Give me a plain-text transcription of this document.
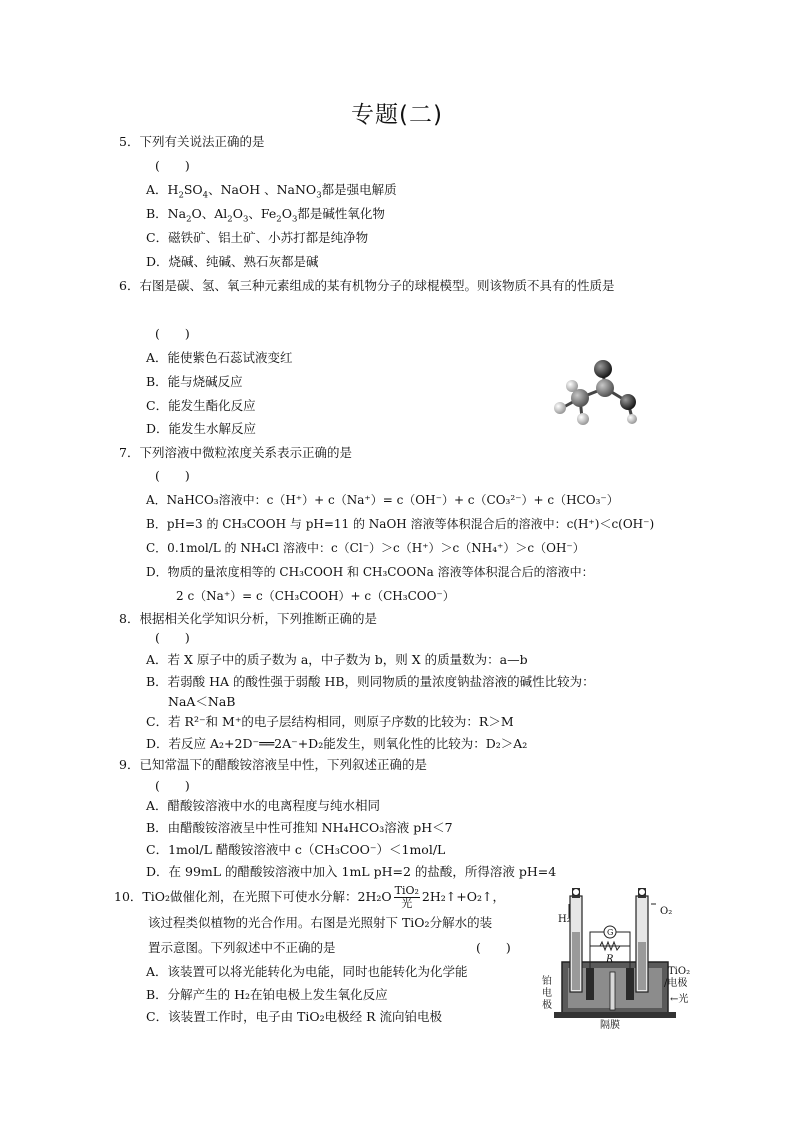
专题(二)
5．下列有关说法正确的是
(　　)
A．$H_2SO_4$、NaOH 、NaNO$_3$都是强电解质
B．$Na_2O$、$Al_2O_3$、$Fe_2O_3$都是碱性氧化物
C．磁铁矿、铝土矿、小苏打都是纯净物
D．烧碱、纯碱、熟石灰都是碱
6．右图是碳、氢、氧三种元素组成的某有机物分子的球棍模型。则该物质不具有的性质是
(　　)
A．能使紫色石蕊试液变红
B．能与烧碱反应
C．能发生酯化反应
D．能发生水解反应
7．下列溶液中微粒浓度关系表示正确的是
(　　)
A．NaHCO₃溶液中：c（H⁺）+ c（Na⁺）= c（OH⁻）+ c（CO₃²⁻）+ c（HCO₃⁻）
B．pH=3 的 CH₃COOH 与 pH=11 的 NaOH 溶液等体积混合后的溶液中：c(H⁺)＜c(OH⁻)
C．0.1mol/L 的 NH₄Cl 溶液中：c（Cl⁻）＞c（H⁺）＞c（NH₄⁺）＞c（OH⁻）
D．物质的量浓度相等的 CH₃COOH 和 CH₃COONa 溶液等体积混合后的溶液中：
2 c（Na⁺）= c（CH₃COOH）+ c（CH₃COO⁻）
8．根据相关化学知识分析，下列推断正确的是
(　　)
A．若 X 原子中的质子数为 a，中子数为 b，则 X 的质量数为：a—b
B．若弱酸 HA 的酸性强于弱酸 HB，则同物质的量浓度钠盐溶液的碱性比较为：
NaA＜NaB
C．若 R²⁻和 M⁺的电子层结构相同，则原子序数的比较为：R＞M
D．若反应 A₂+2D⁻══2A⁻+D₂能发生，则氧化性的比较为：D₂＞A₂
9．已知常温下的醋酸铵溶液呈中性，下列叙述正确的是
(　　)
A．醋酸铵溶液中水的电离程度与纯水相同
B．由醋酸铵溶液呈中性可推知 NH₄HCO₃溶液 pH＜7
C．1mol/L 醋酸铵溶液中 c（CH₃COO⁻）＜1mol/L
D．在 99mL 的醋酸铵溶液中加入 1mL pH=2 的盐酸，所得溶液 pH=4
10．TiO₂做催化剂，在光照下可使水分解：$2H_2O \frac{\text{TiO₂}}{\text{光}}$ 2H₂↑+O₂↑，
该过程类似植物的光合作用。右图是光照射下 TiO₂分解水的装
置示意图。下列叙述中不正确的是	(　　)
A．该装置可以将光能转化为电能，同时也能转化为化学能
B．分解产生的 H₂在铂电极上发生氧化反应
C．该装置工作时，电子由 TiO₂电极经 R 流向铂电极
H₂
O₂
G
R
铂
电
极
TiO₂
/电极
←光
隔膜
